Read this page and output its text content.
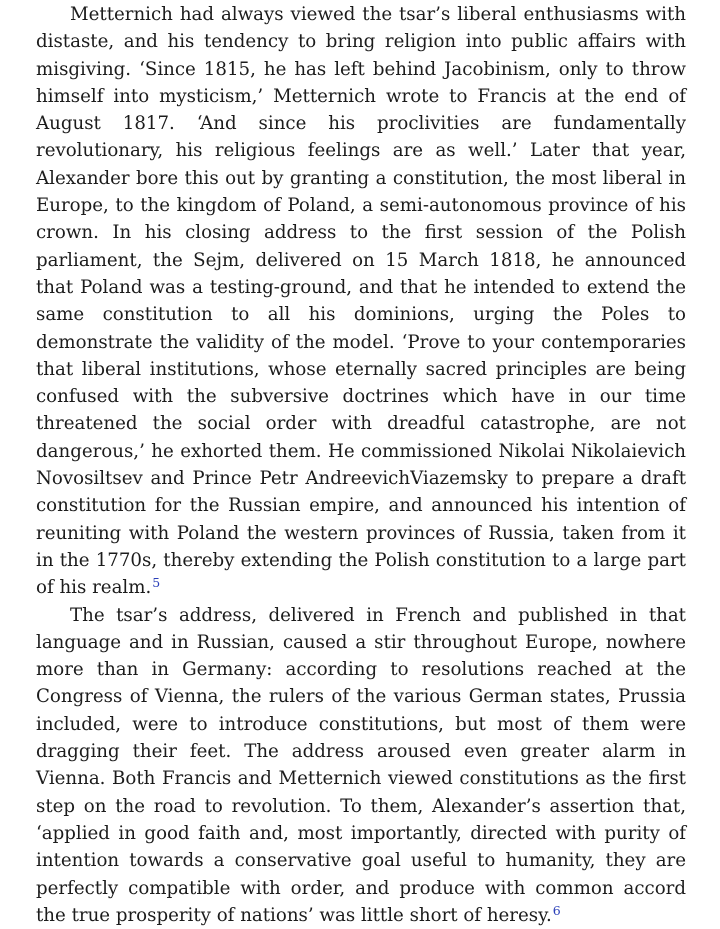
Metternich had always viewed the tsar’s liberal enthusiasms with distaste, and his tendency to bring religion into public affairs with misgiving. ‘Since 1815, he has left behind Jacobinism, only to throw himself into mysticism,’ Metternich wrote to Francis at the end of August 1817. ‘And since his proclivities are fundamentally revolutionary, his religious feelings are as well.’ Later that year, Alexander bore this out by granting a constitution, the most liberal in Europe, to the kingdom of Poland, a semi-autonomous province of his crown. In his closing address to the first session of the Polish parliament, the Sejm, delivered on 15 March 1818, he announced that Poland was a testing-ground, and that he intended to extend the same constitution to all his dominions, urging the Poles to demonstrate the validity of the model. ‘Prove to your contemporaries that liberal institutions, whose eternally sacred principles are being confused with the subversive doctrines which have in our time threatened the social order with dreadful catastrophe, are not dangerous,’ he exhorted them. He commissioned Nikolai Nikolaievich Novosiltsev and Prince Petr AndreevichViazemsky to prepare a draft constitution for the Russian empire, and announced his intention of reuniting with Poland the western provinces of Russia, taken from it in the 1770s, thereby extending the Polish constitution to a large part of his realm.$^5$

The tsar’s address, delivered in French and published in that language and in Russian, caused a stir throughout Europe, nowhere more than in Germany: according to resolutions reached at the Congress of Vienna, the rulers of the various German states, Prussia included, were to introduce constitutions, but most of them were dragging their feet. The address aroused even greater alarm in Vienna. Both Francis and Metternich viewed constitutions as the first step on the road to revolution. To them, Alexander’s assertion that, ‘applied in good faith and, most importantly, directed with purity of intention towards a conservative goal useful to humanity, they are perfectly compatible with order, and produce with common accord the true prosperity of nations’ was little short of heresy.$^6$
